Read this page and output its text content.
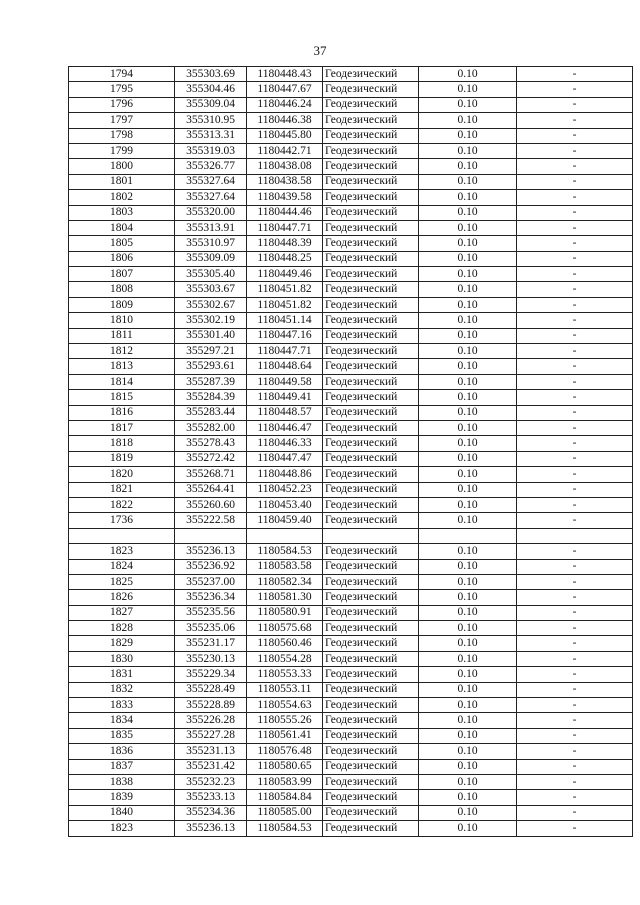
37
1794	355303.69	1180448.43	Геодезический	0.10	-
1795	355304.46	1180447.67	Геодезический	0.10	-
1796	355309.04	1180446.24	Геодезический	0.10	-
1797	355310.95	1180446.38	Геодезический	0.10	-
1798	355313.31	1180445.80	Геодезический	0.10	-
1799	355319.03	1180442.71	Геодезический	0.10	-
1800	355326.77	1180438.08	Геодезический	0.10	-
1801	355327.64	1180438.58	Геодезический	0.10	-
1802	355327.64	1180439.58	Геодезический	0.10	-
1803	355320.00	1180444.46	Геодезический	0.10	-
1804	355313.91	1180447.71	Геодезический	0.10	-
1805	355310.97	1180448.39	Геодезический	0.10	-
1806	355309.09	1180448.25	Геодезический	0.10	-
1807	355305.40	1180449.46	Геодезический	0.10	-
1808	355303.67	1180451.82	Геодезический	0.10	-
1809	355302.67	1180451.82	Геодезический	0.10	-
1810	355302.19	1180451.14	Геодезический	0.10	-
1811	355301.40	1180447.16	Геодезический	0.10	-
1812	355297.21	1180447.71	Геодезический	0.10	-
1813	355293.61	1180448.64	Геодезический	0.10	-
1814	355287.39	1180449.58	Геодезический	0.10	-
1815	355284.39	1180449.41	Геодезический	0.10	-
1816	355283.44	1180448.57	Геодезический	0.10	-
1817	355282.00	1180446.47	Геодезический	0.10	-
1818	355278.43	1180446.33	Геодезический	0.10	-
1819	355272.42	1180447.47	Геодезический	0.10	-
1820	355268.71	1180448.86	Геодезический	0.10	-
1821	355264.41	1180452.23	Геодезический	0.10	-
1822	355260.60	1180453.40	Геодезический	0.10	-
1736	355222.58	1180459.40	Геодезический	0.10	-

1823	355236.13	1180584.53	Геодезический	0.10	-
1824	355236.92	1180583.58	Геодезический	0.10	-
1825	355237.00	1180582.34	Геодезический	0.10	-
1826	355236.34	1180581.30	Геодезический	0.10	-
1827	355235.56	1180580.91	Геодезический	0.10	-
1828	355235.06	1180575.68	Геодезический	0.10	-
1829	355231.17	1180560.46	Геодезический	0.10	-
1830	355230.13	1180554.28	Геодезический	0.10	-
1831	355229.34	1180553.33	Геодезический	0.10	-
1832	355228.49	1180553.11	Геодезический	0.10	-
1833	355228.89	1180554.63	Геодезический	0.10	-
1834	355226.28	1180555.26	Геодезический	0.10	-
1835	355227.28	1180561.41	Геодезический	0.10	-
1836	355231.13	1180576.48	Геодезический	0.10	-
1837	355231.42	1180580.65	Геодезический	0.10	-
1838	355232.23	1180583.99	Геодезический	0.10	-
1839	355233.13	1180584.84	Геодезический	0.10	-
1840	355234.36	1180585.00	Геодезический	0.10	-
1823	355236.13	1180584.53	Геодезический	0.10	-
